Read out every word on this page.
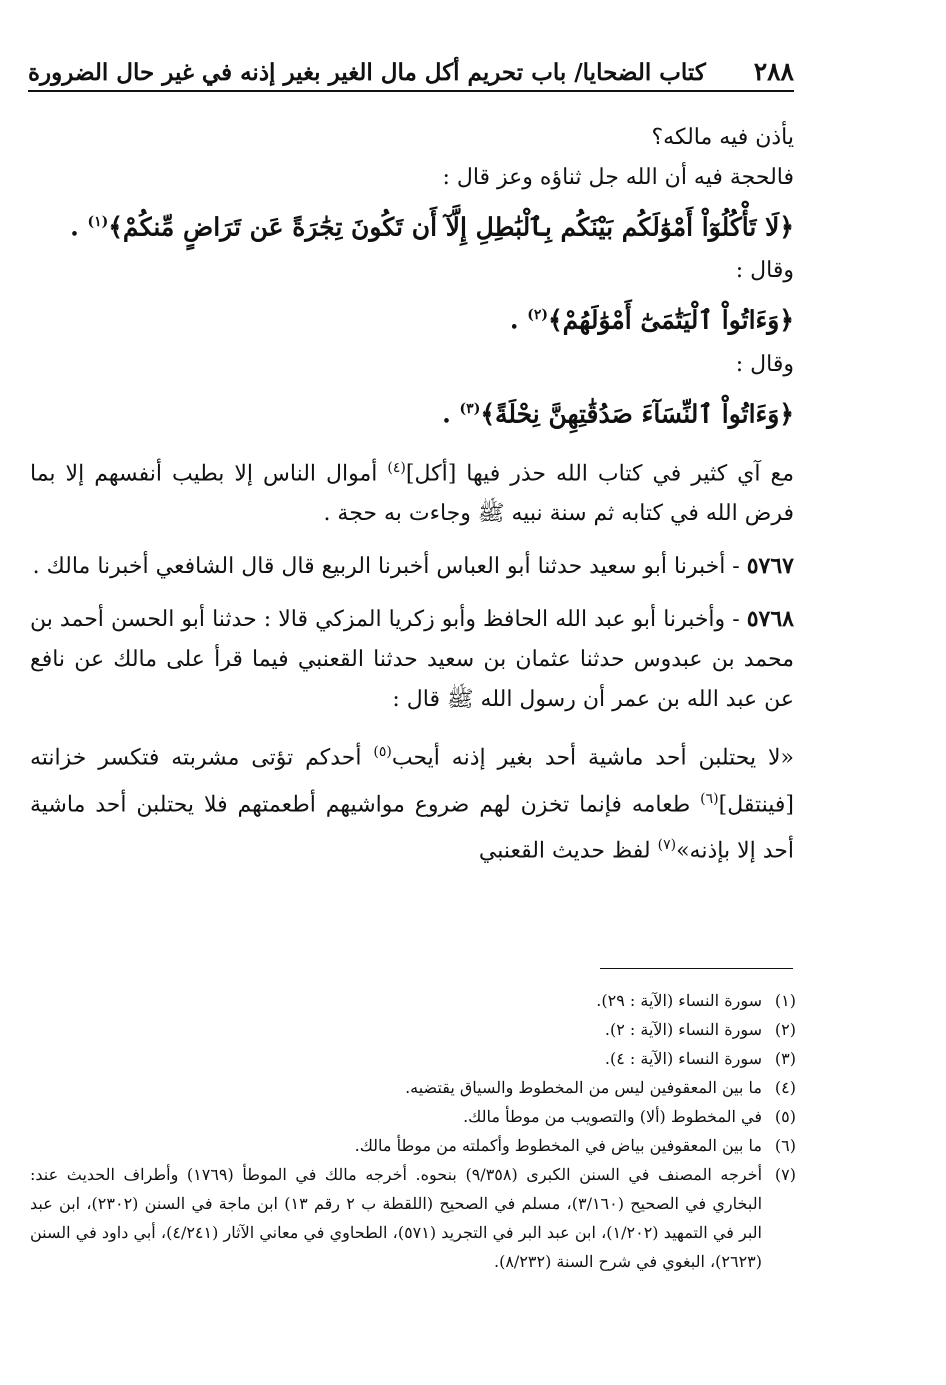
٢٨٨
كتاب الضحايا/ باب تحريم أكل مال الغير بغير إذنه في غير حال الضرورة

يأذن فيه مالكه؟

فالحجة فيه أن الله جل ثناؤه وعز قال :

﴿لَا تَأْكُلُوٓاْ أَمْوَٰلَكُم بَيْنَكُم بِٱلْبَٰطِلِ إِلَّآ أَن تَكُونَ تِجَٰرَةً عَن تَرَاضٍ مِّنكُمْ﴾$^{(١)}$ .

وقال :

﴿وَءَاتُواْ ٱلْيَتَٰمَىٰٓ أَمْوَٰلَهُمْ﴾$^{(٢)}$ .

وقال :

﴿وَءَاتُواْ ٱلنِّسَآءَ صَدُقَٰتِهِنَّ نِحْلَةً﴾$^{(٣)}$ .

مع آي كثير في كتاب الله حذر فيها [أكل]$^{(٤)}$ أموال الناس إلا بطيب أنفسهم إلا بما فرض الله في كتابه ثم سنة نبيه ﷺ وجاءت به حجة .

٥٧٦٧ - أخبرنا أبو سعيد حدثنا أبو العباس أخبرنا الربيع قال قال الشافعي أخبرنا مالك .

٥٧٦٨ - وأخبرنا أبو عبد الله الحافظ وأبو زكريا المزكي قالا : حدثنا أبو الحسن أحمد بن محمد بن عبدوس حدثنا عثمان بن سعيد حدثنا القعنبي فيما قرأ على مالك عن نافع عن عبد الله بن عمر أن رسول الله ﷺ قال :

«لا يحتلبن أحد ماشية أحد بغير إذنه أيحب$^{(٥)}$ أحدكم تؤتى مشربته فتكسر خزانته [فينتقل]$^{(٦)}$ طعامه فإنما تخزن لهم ضروع مواشيهم أطعمتهم فلا يحتلبن أحد ماشية أحد إلا بإذنه»$^{(٧)}$ لفظ حديث القعنبي

(١)
سورة النساء (الآية : ٢٩).
(٢)
سورة النساء (الآية : ٢).
(٣)
سورة النساء (الآية : ٤).
(٤)
ما بين المعقوفين ليس من المخطوط والسياق يقتضيه.
(٥)
في المخطوط (ألا) والتصويب من موطأ مالك.
(٦)
ما بين المعقوفين بياض في المخطوط وأكملته من موطأ مالك.
(٧)
أخرجه المصنف في السنن الكبرى (٩/٣٥٨) بنحوه. أخرجه مالك في الموطأ (١٧٦٩) وأطراف الحديث عند: البخاري في الصحيح (٣/١٦٠)، مسلم في الصحيح (اللقطة ب ٢ رقم ١٣) ابن ماجة في السنن (٢٣٠٢)، ابن عبد البر في التمهيد (١/٢٠٢)، ابن عبد البر في التجريد (٥٧١)، الطحاوي في معاني الآثار (٤/٢٤١)، أبي داود في السنن (٢٦٢٣)، البغوي في شرح السنة (٨/٢٣٢).
